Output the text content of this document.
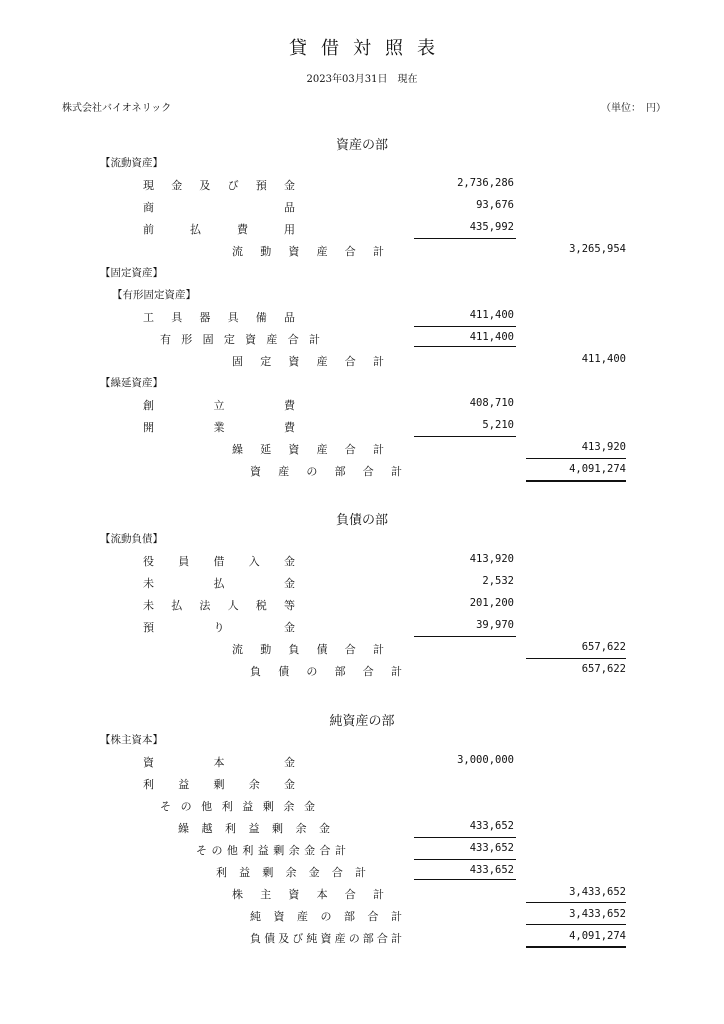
貸借対照表
2023年03月31日　現在
株式会社バイオネリック	（単位：　円）
資産の部
【流動資産】
現金及び預金	2,736,286
商品	93,676
前払費用	435,992
流動資産合計	3,265,954
【固定資産】
【有形固定資産】
工具器具備品	411,400
有形固定資産合計	411,400
固定資産合計	411,400
【繰延資産】
創立費	408,710
開業費	5,210
繰延資産合計	413,920
資産の部合計	4,091,274
負債の部
【流動負債】
役員借入金	413,920
未払金	2,532
未払法人税等	201,200
預り金	39,970
流動負債合計	657,622
負債の部合計	657,622
純資産の部
【株主資本】
資本金	3,000,000
利益剰余金
その他利益剰余金
繰越利益剰余金	433,652
その他利益剰余金合計	433,652
利益剰余金合計	433,652
株主資本合計	3,433,652
純資産の部合計	3,433,652
負債及び純資産の部合計	4,091,274
